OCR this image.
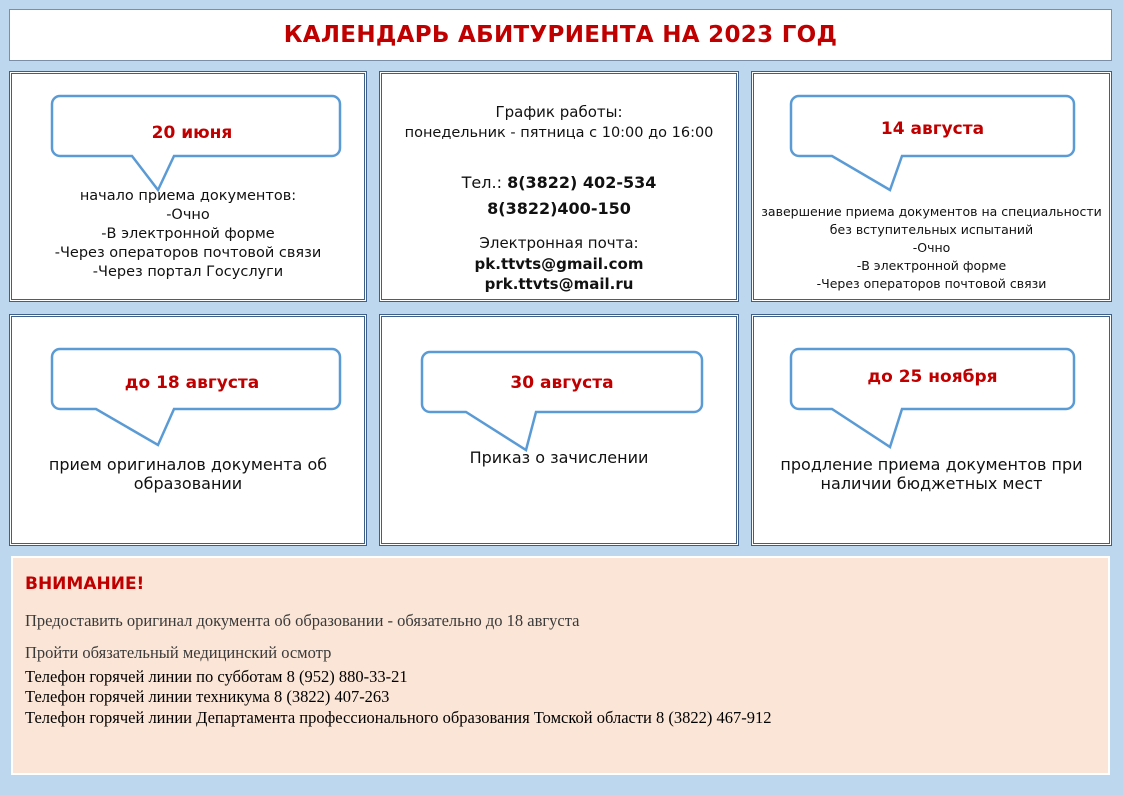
КАЛЕНДАРЬ АБИТУРИЕНТА НА 2023 ГОД
20 июня
начало приема документов:
-Очно
-В электронной форме
-Через операторов почтовой связи
-Через портал Госуслуги
График работы:
понедельник - пятница с 10:00 до 16:00
Тел.: 8(3822) 402-534
8(3822)400-150
Электронная почта:
pk.ttvts@gmail.com
prk.ttvts@mail.ru
14 августа
завершение приема документов на специальности
без вступительных испытаний
-Очно
-В электронной форме
-Через операторов почтовой связи
до 18 августа
прием оригиналов документа об
образовании
30 августа
Приказ о зачислении
до 25 ноября
продление приема документов при
наличии бюджетных мест
ВНИМАНИЕ!
Предоставить оригинал документа об образовании - обязательно до 18 августа
Пройти обязательный медицинский осмотр
Телефон горячей линии по субботам 8 (952) 880-33-21
Телефон горячей линии техникума 8 (3822) 407-263
Телефон горячей линии Департамента профессионального образования Томской области 8 (3822) 467-912
